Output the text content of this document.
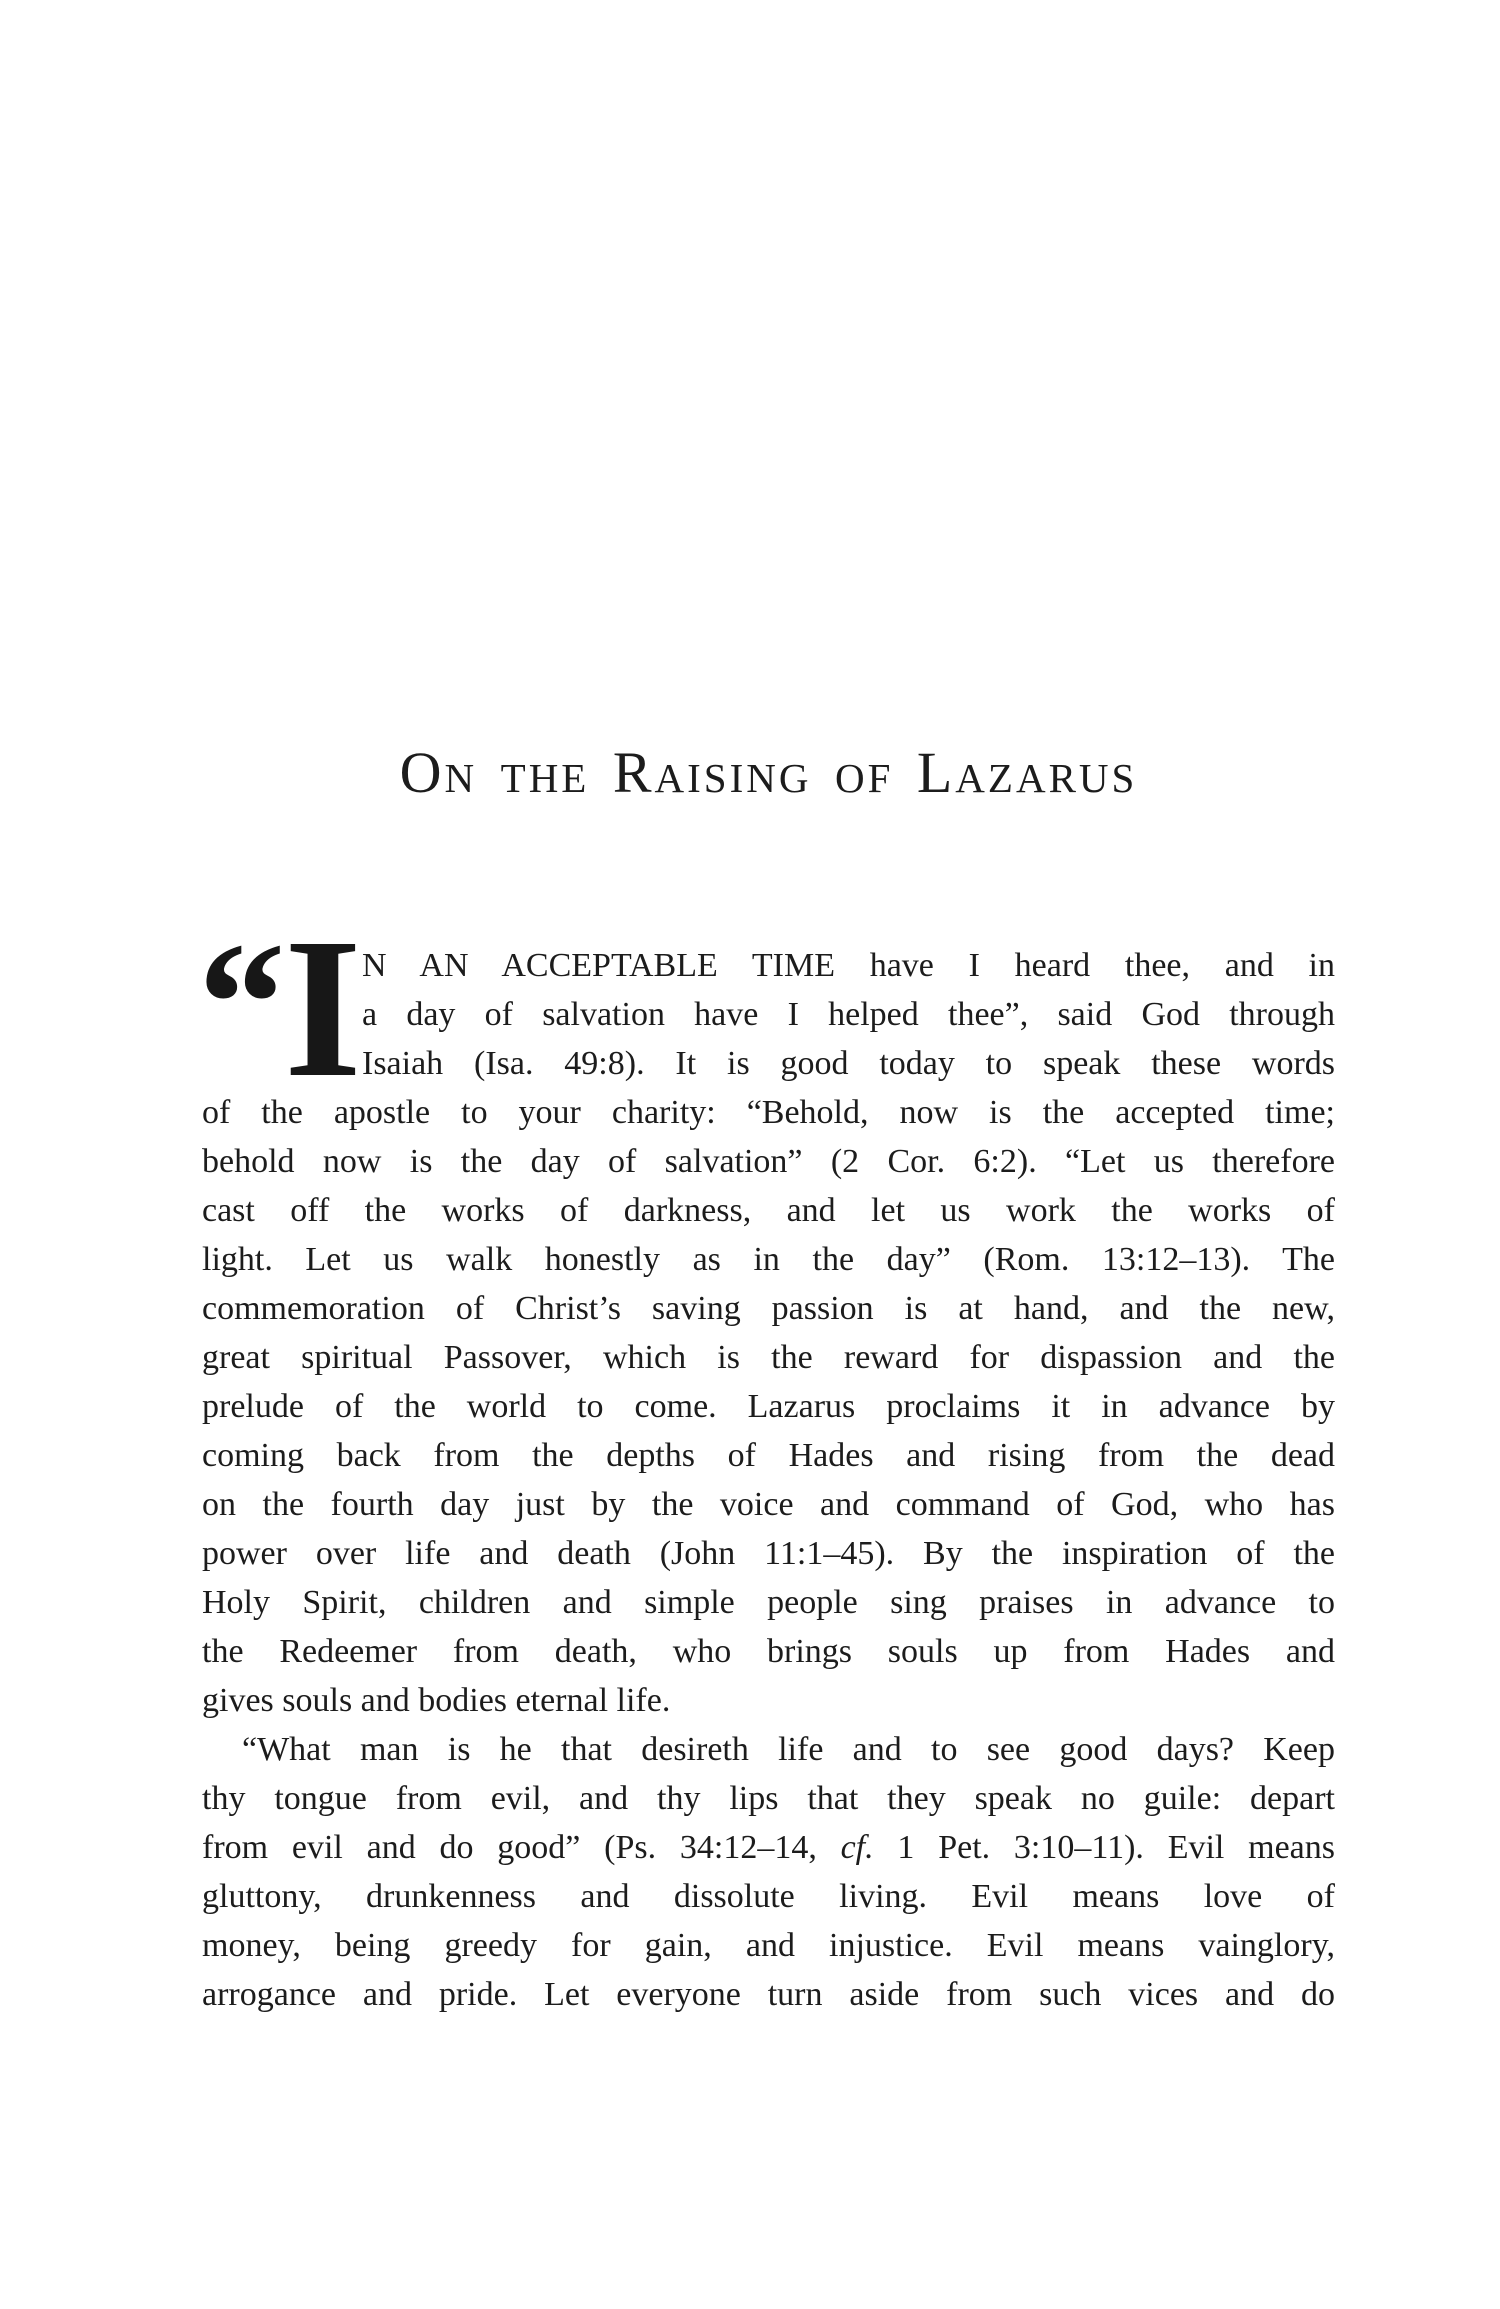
On the Raising of Lazarus
“
I N AN ACCEPTABLE TIME have I heard thee, and in
a day of salvation have I helped thee”, said God through
Isaiah (Isa. 49:8). It is good today to speak these words
of the apostle to your charity: “Behold, now is the accepted time;
behold now is the day of salvation” (2 Cor. 6:2). “Let us therefore
cast off the works of darkness, and let us work the works of
light. Let us walk honestly as in the day” (Rom. 13:12–13). The
commemoration of Christ’s saving passion is at hand, and the new,
great spiritual Passover, which is the reward for dispassion and the
prelude of the world to come. Lazarus proclaims it in advance by
coming back from the depths of Hades and rising from the dead
on the fourth day just by the voice and command of God, who has
power over life and death (John 11:1–45). By the inspiration of the
Holy Spirit, children and simple people sing praises in advance to
the Redeemer from death, who brings souls up from Hades and
gives souls and bodies eternal life.
“What man is he that desireth life and to see good days? Keep
thy tongue from evil, and thy lips that they speak no guile: depart
from evil and do good” (Ps. 34:12–14, cf. 1 Pet. 3:10–11). Evil means
gluttony, drunkenness and dissolute living. Evil means love of
money, being greedy for gain, and injustice. Evil means vainglory,
arrogance and pride. Let everyone turn aside from such vices and do
